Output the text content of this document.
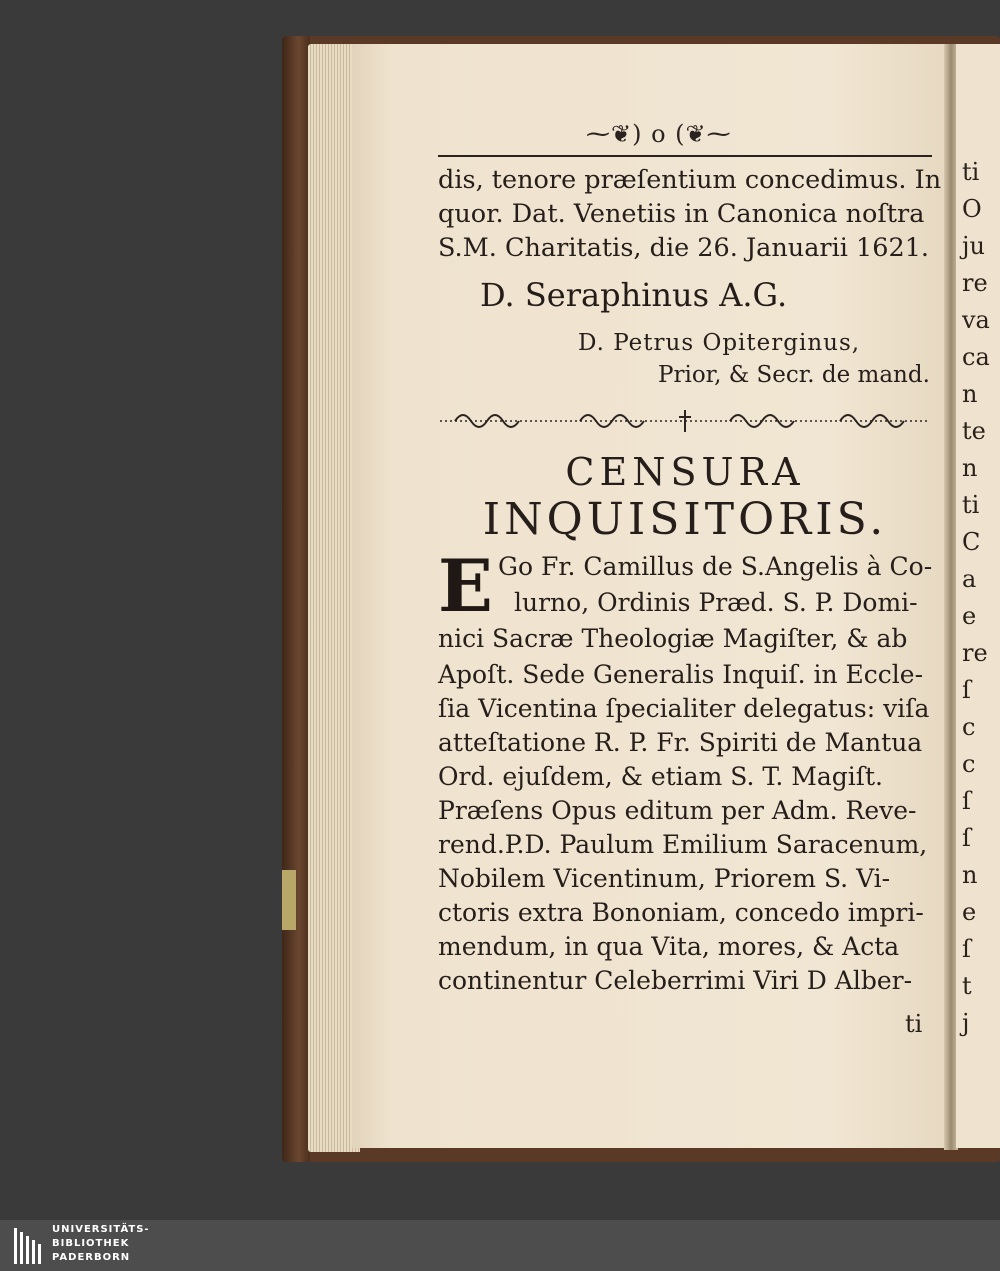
ti
O
ju
re
va
ca
n
te
n
ti
C
a
e
re
ſ
c
c
ſ
ſ
n
e
ſ
t
j
⁓❦) o (❦⁓
dis, tenore præſentium concedimus. In
quor. Dat. Venetiis in Canonica noſtra
S.M. Charitatis, die 26. Januarii 1621.
D. Seraphinus A.G.
D. Petrus Opiterginus,
Prior, & Secr. de mand.
CENSURA
INQUISITORIS.
E Go Fr. Camillus de S.Angelis à Co-
lurno, Ordinis Præd. S. P. Domi-
nici Sacræ Theologiæ Magiſter, & ab
Apoſt. Sede Generalis Inquiſ. in Eccle-
ſia Vicentina ſpecialiter delegatus: viſa
atteſtatione R. P. Fr. Spiriti de Mantua
Ord. ejuſdem, & etiam S. T. Magiſt.
Præſens Opus editum per Adm. Reve-
rend.P.D. Paulum Emilium Saracenum,
Nobilem Vicentinum, Priorem S. Vi-
ctoris extra Bononiam, concedo impri-
mendum, in qua Vita, mores, & Acta
continentur Celeberrimi Viri D Alber-
ti
UNIVERSITÄTS-
BIBLIOTHEK
PADERBORN
